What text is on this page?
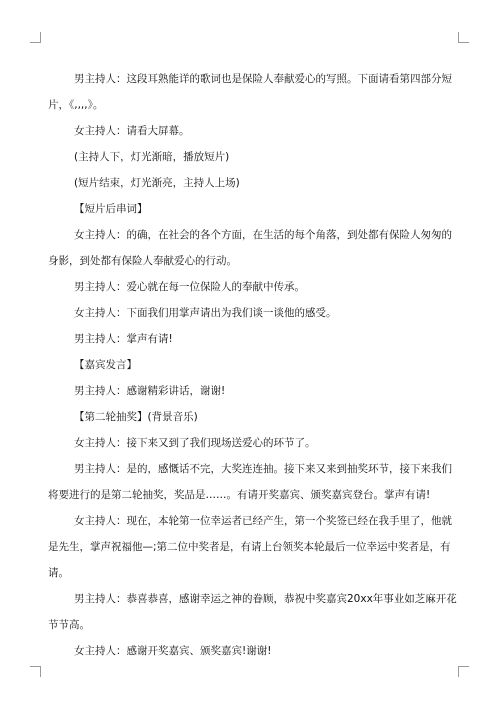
男主持人：这段耳熟能详的歌词也是保险人奉献爱心的写照。下面请看第四部分短片，《,,,,》。

女主持人：请看大屏幕。

(主持人下，灯光渐暗，播放短片)

(短片结束，灯光渐亮，主持人上场)

【短片后串词】

女主持人：的确，在社会的各个方面，在生活的每个角落，到处都有保险人匆匆的身影，到处都有保险人奉献爱心的行动。

男主持人：爱心就在每一位保险人的奉献中传承。

女主持人：下面我们用掌声请出为我们谈一谈他的感受。

男主持人：掌声有请!

【嘉宾发言】

男主持人：感谢精彩讲话，谢谢!

【第二轮抽奖】(背景音乐)

女主持人：接下来又到了我们现场送爱心的环节了。

男主持人：是的，感慨话不完，大奖连连抽。接下来又来到抽奖环节，接下来我们将要进行的是第二轮抽奖，奖品是……。有请开奖嘉宾、颁奖嘉宾登台。掌声有请!

女主持人：现在，本轮第一位幸运者已经产生，第一个奖签已经在我手里了，他就是先生，掌声祝福他—;第二位中奖者是，有请上台领奖本轮最后一位幸运中奖者是，有请。

男主持人：恭喜恭喜，感谢幸运之神的眷顾，恭祝中奖嘉宾20xx年事业如芝麻开花节节高。

女主持人：感谢开奖嘉宾、颁奖嘉宾!谢谢!
